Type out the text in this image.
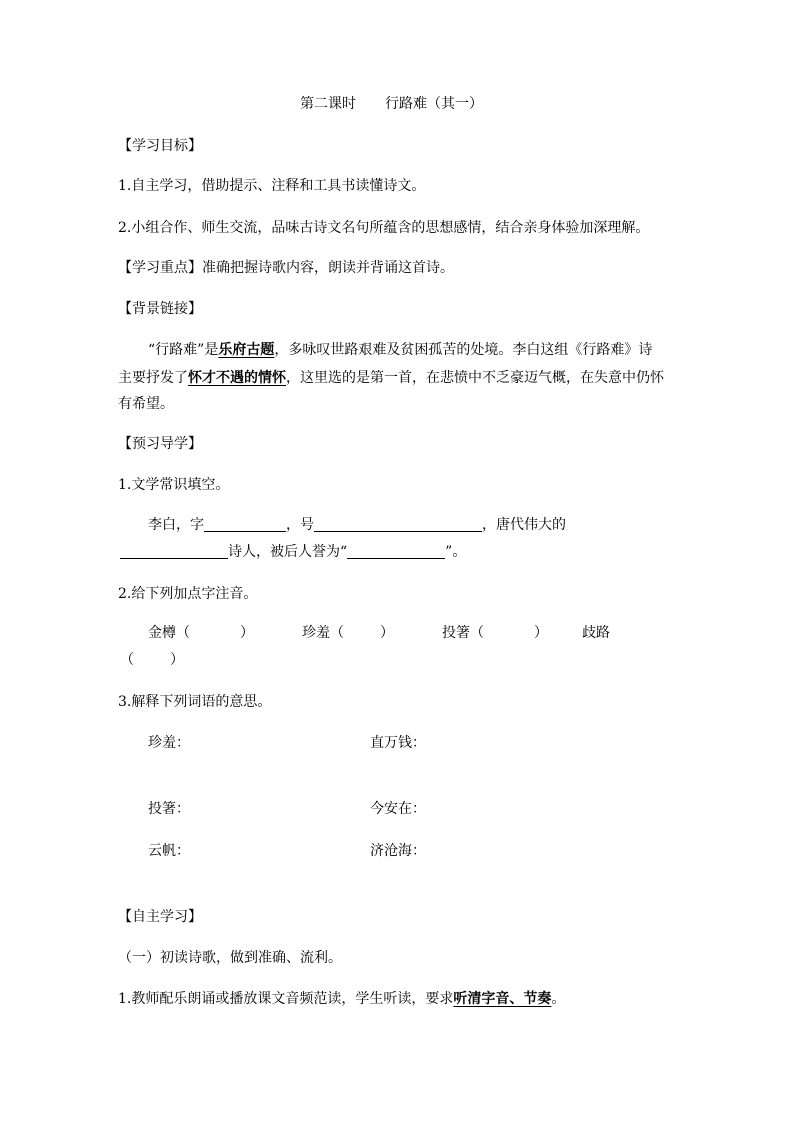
第二课时 行路难（其一）
【学习目标】
1.自主学习，借助提示、注释和工具书读懂诗文。
2.小组合作、师生交流，品味古诗文名句所蕴含的思想感情，结合亲身体验加深理解。
【学习重点】准确把握诗歌内容，朗读并背诵这首诗。
【背景链接】
“行路难”是乐府古题，多咏叹世路艰难及贫困孤苦的处境。李白这组《行路难》诗
主要抒发了怀才不遇的情怀，这里选的是第一首，在悲愤中不乏豪迈气概，在失意中仍怀
有希望。
【预习导学】
1.文学常识填空。
李白，字	，号	，唐代伟大的
诗人，被后人誉为“	”。
2.给下列加点字注音。
金樽（	）	珍羞（	）	投箸（	） 歧路
（	）
3.解释下列词语的意思。
珍羞：	直万钱：
投箸：	今安在：
云帆：	济沧海：
【自主学习】
（一）初读诗歌，做到准确、流利。
1.教师配乐朗诵或播放课文音频范读，学生听读，要求听清字音、节奏。
